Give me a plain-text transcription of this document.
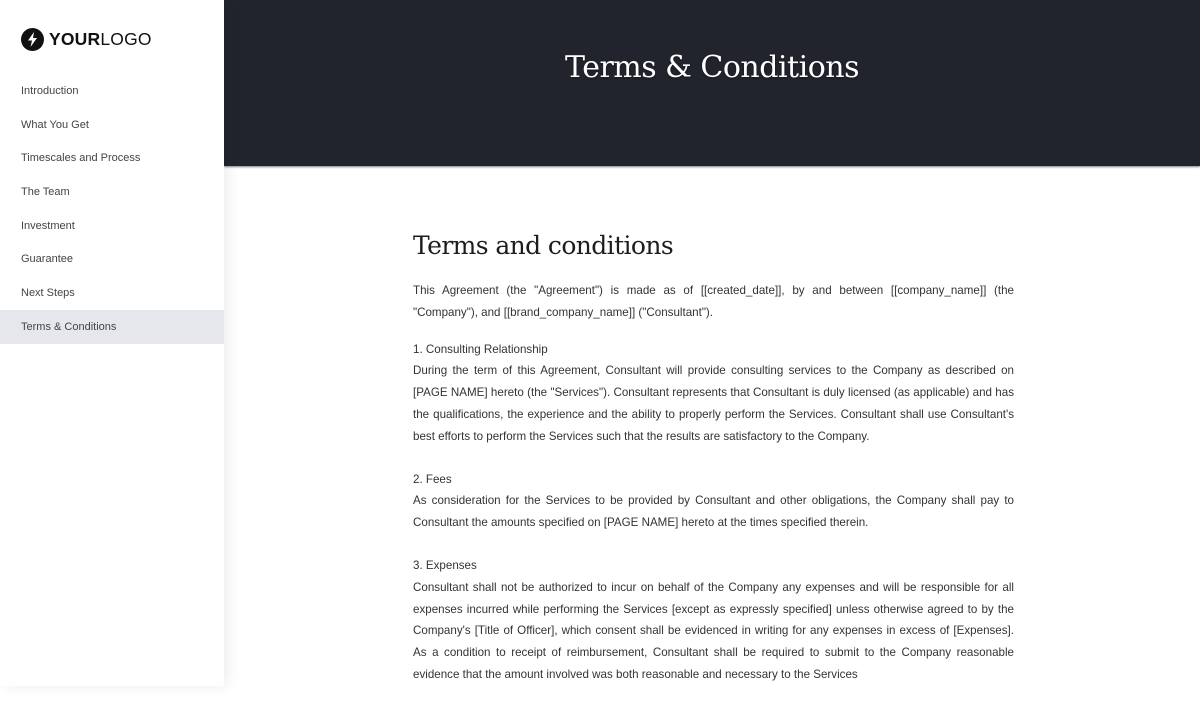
YOURLOGO
Introduction
What You Get
Timescales and Process
The Team
Investment
Guarantee
Next Steps
Terms & Conditions
Terms & Conditions
Terms and conditions

This Agreement (the "Agreement") is made as of [[created_date]], by and between [[company_name]] (the "Company"), and [[brand_company_name]] ("Consultant").

1. Consulting Relationship

During the term of this Agreement, Consultant will provide consulting services to the Company as described on [PAGE NAME] hereto (the "Services"). Consultant represents that Consultant is duly licensed (as applicable) and has the qualifications, the experience and the ability to properly perform the Services. Consultant shall use Consultant's best efforts to perform the Services such that the results are satisfactory to the Company.

2. Fees

As consideration for the Services to be provided by Consultant and other obligations, the Company shall pay to Consultant the amounts specified on [PAGE NAME] hereto at the times specified therein.

3. Expenses

Consultant shall not be authorized to incur on behalf of the Company any expenses and will be responsible for all expenses incurred while performing the Services [except as expressly specified] unless otherwise agreed to by the Company's [Title of Officer], which consent shall be evidenced in writing for any expenses in excess of [Expenses]. As a condition to receipt of reimbursement, Consultant shall be required to submit to the Company reasonable evidence that the amount involved was both reasonable and necessary to the Services
